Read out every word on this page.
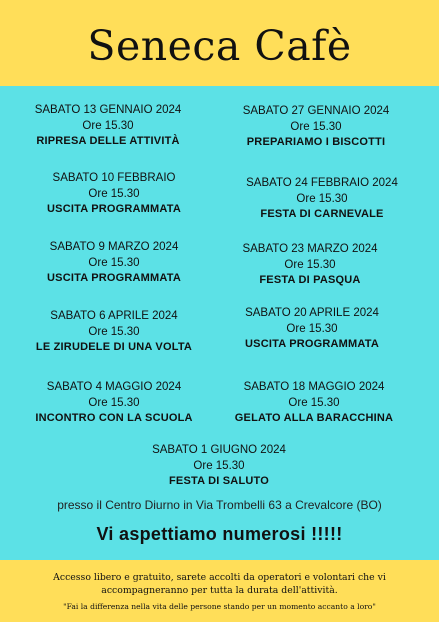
Seneca Cafè
SABATO 13 GENNAIO 2024
Ore 15.30
RIPRESA DELLE ATTIVITÀ
SABATO 27 GENNAIO 2024
Ore 15.30
PREPARIAMO I BISCOTTI
SABATO 10 FEBBRAIO
Ore 15.30
USCITA PROGRAMMATA
SABATO 24 FEBBRAIO 2024
Ore 15.30
FESTA DI CARNEVALE
SABATO 9 MARZO 2024
Ore 15.30
USCITA PROGRAMMATA
SABATO 23 MARZO 2024
Ore 15.30
FESTA DI PASQUA
SABATO 6 APRILE 2024
Ore 15.30
LE ZIRUDELE DI UNA VOLTA
SABATO 20 APRILE 2024
Ore 15.30
USCITA PROGRAMMATA
SABATO 4 MAGGIO 2024
Ore 15.30
INCONTRO CON LA SCUOLA
SABATO 18 MAGGIO 2024
Ore 15.30
GELATO ALLA BARACCHINA
SABATO 1 GIUGNO 2024
Ore 15.30
FESTA DI SALUTO
presso il Centro Diurno in Via Trombelli 63 a Crevalcore (BO)
Vi aspettiamo numerosi !!!!!
Accesso libero e gratuito, sarete accolti da operatori e volontari che vi
accompagneranno per tutta la durata dell'attività.
"Fai la differenza nella vita delle persone stando per un momento accanto a loro"
